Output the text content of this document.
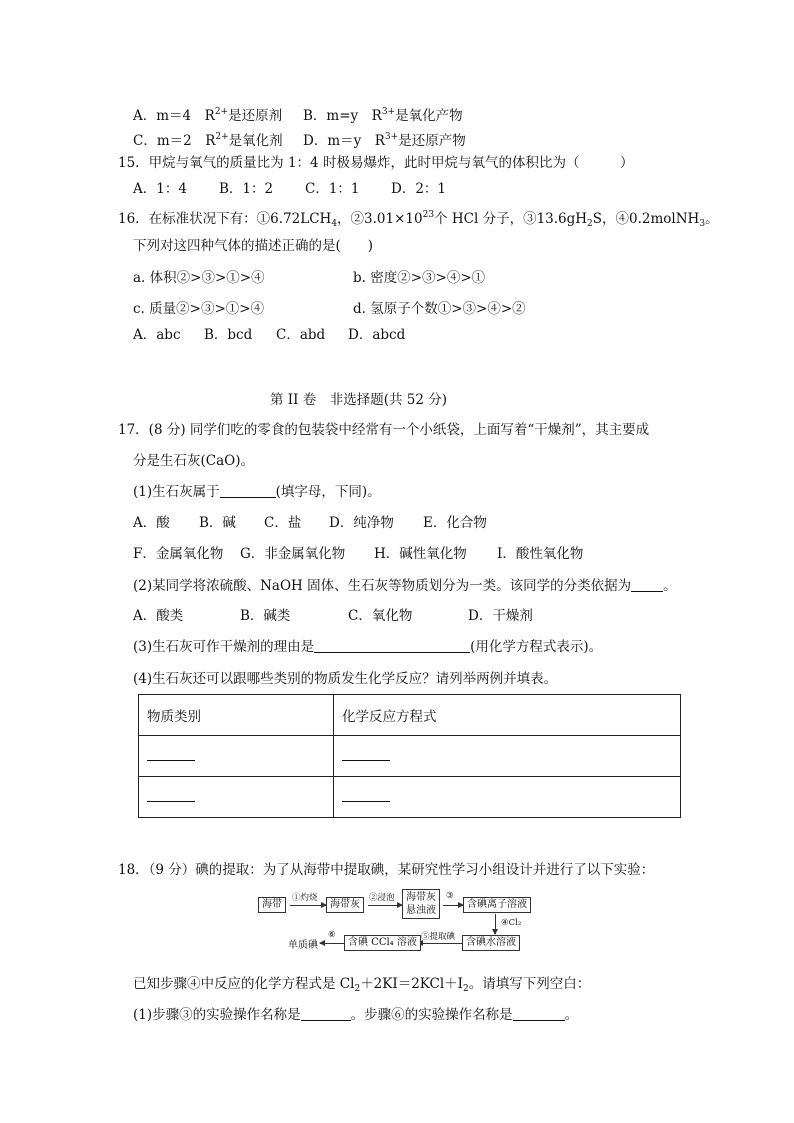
A．m＝4　$R^{2+}$是还原剂 B．m=y　$R^{3+}$是氧化产物
C．m＝2　$R^{2+}$是氧化剂 D．m＝y　$R^{3+}$是还原产物
15．甲烷与氧气的质量比为 1：4 时极易爆炸，此时甲烷与氧气的体积比为（　　　）
A．1：4 B．1：2 C．1：1 D．2：1
16．在标准状况下有：$①6.72LCH_4$，$②3.01\times 10^{23}$个 HCl 分子，$③13.6gH_2S$，④0.2molNH$_3$。
下列对这四种气体的描述正确的是(　　)
a. 体积②>③>①>④	b. 密度②>③>④>①
c. 质量②>③>①>④	d. 氢原子个数①>③>④>②
A．abc B．bcd C．abd D．abcd
第 II 卷　非选择题(共 52 分)
17．(8 分) 同学们吃的零食的包装袋中经常有一个小纸袋，上面写着“干燥剂”，其主要成
分是生石灰(CaO)。
(1)生石灰属于	(填字母，下同)。
A．酸 B．碱 C．盐 D．纯净物 E．化合物
F．金属氧化物 G．非金属氧化物 H．碱性氧化物 I．酸性氧化物
(2)某同学将浓硫酸、NaOH 固体、生石灰等物质划分为一类。该同学的分类依据为 。
A．酸类	B．碱类	C．氧化物	D．干燥剂
(3)生石灰可作干燥剂的理由是	(用化学方程式表示)。
(4)生石灰还可以跟哪些类别的物质发生化学反应？请列举两例并填表。
物质类别	化学反应方程式

18．（9 分）碘的提取：为了从海带中提取碘，某研究性学习小组设计并进行了以下实验：
海带
①灼烧
海带灰
②浸泡 海带灰
悬浊液
③
含碘离子溶液
④Cl₂
含碘水溶液
⑤提取碘
含碘 CCl₄ 溶液
⑥
单质碘
已知步骤④中反应的化学方程式是 $Cl_2+2KI=2KCl+I_2$。请填写下列空白：
(1)步骤③的实验操作名称是	。步骤⑥的实验操作名称是	。
